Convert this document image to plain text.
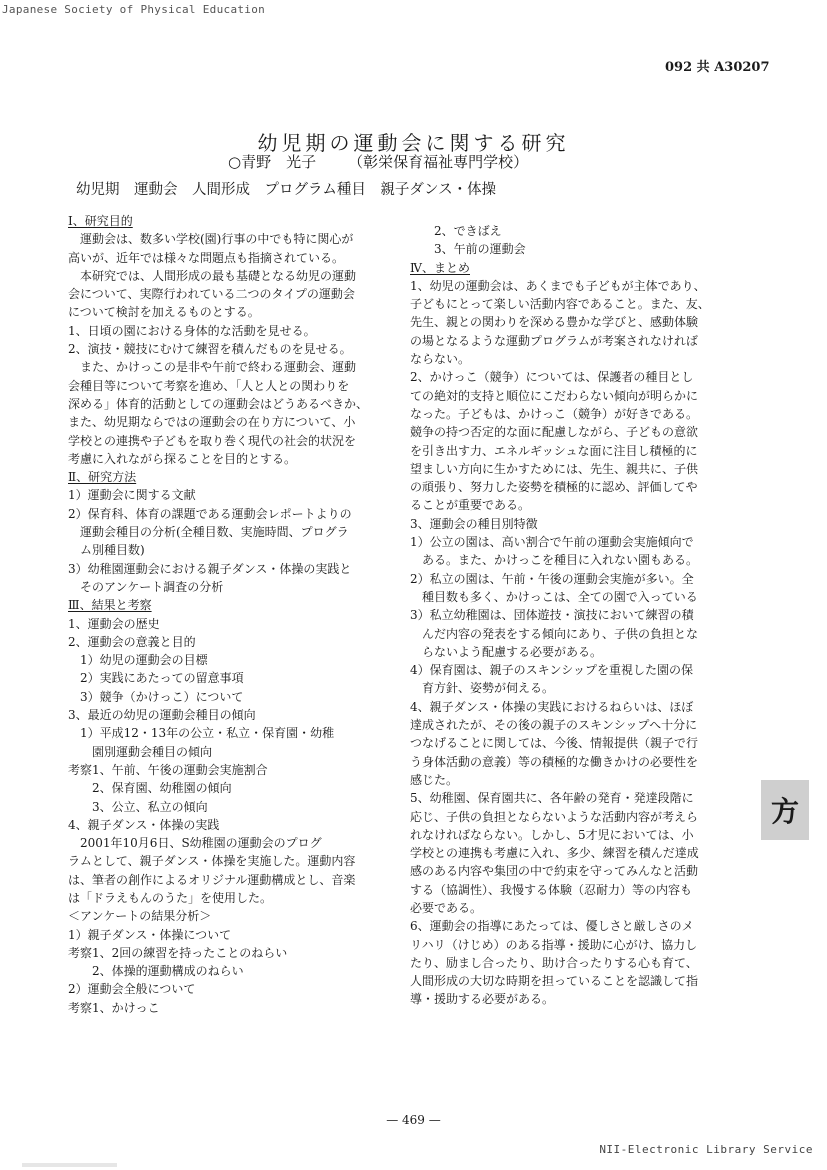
Japanese Society of Physical Education
092 共 A30207
幼児期の運動会に関する研究
○青野　光子 （彰栄保育福祉専門学校）
幼児期　運動会　人間形成　プログラム種目　親子ダンス・体操
Ⅰ、研究目的
　運動会は、数多い学校(園)行事の中でも特に関心が
高いが、近年では様々な問題点も指摘されている。
　本研究では、人間形成の最も基礎となる幼児の運動
会について、実際行われている二つのタイプの運動会
について検討を加えるものとする。
1、日頃の園における身体的な活動を見せる。
2、演技・競技にむけて練習を積んだものを見せる。
　また、かけっこの是非や午前で終わる運動会、運動
会種目等について考察を進め、「人と人との関わりを
深める」体育的活動としての運動会はどうあるべきか、
また、幼児期ならではの運動会の在り方について、小
学校との連携や子どもを取り巻く現代の社会的状況を
考慮に入れながら探ることを目的とする。
Ⅱ、研究方法
1）運動会に関する文献
2）保育科、体育の課題である運動会レポートよりの
　運動会種目の分析(全種目数、実施時間、プログラ
　ム別種目数)
3）幼稚園運動会における親子ダンス・体操の実践と
　そのアンケート調査の分析
Ⅲ、結果と考察
1、運動会の歴史
2、運動会の意義と目的
　1）幼児の運動会の目標
　2）実践にあたっての留意事項
　3）競争（かけっこ）について
3、最近の幼児の運動会種目の傾向
　1）平成12・13年の公立・私立・保育園・幼稚
　　園別運動会種目の傾向
考察1、午前、午後の運動会実施割合
　　2、保育園、幼稚園の傾向
　　3、公立、私立の傾向
4、親子ダンス・体操の実践
　2001年10月6日、S幼稚園の運動会のプログ
ラムとして、親子ダンス・体操を実施した。運動内容
は、筆者の創作によるオリジナル運動構成とし、音楽
は「ドラえもんのうた」を使用した。
＜アンケートの結果分析＞
1）親子ダンス・体操について
考察1、2回の練習を持ったことのねらい
　　2、体操的運動構成のねらい
2）運動会全般について
考察1、かけっこ
　　2、できばえ
　　3、午前の運動会
Ⅳ、まとめ
1、幼児の運動会は、あくまでも子どもが主体であり、
子どもにとって楽しい活動内容であること。また、友、
先生、親との関わりを深める豊かな学びと、感動体験
の場となるような運動プログラムが考案されなければ
ならない。
2、かけっこ（競争）については、保護者の種目とし
ての絶対的支持と順位にこだわらない傾向が明らかに
なった。子どもは、かけっこ（競争）が好きである。
競争の持つ否定的な面に配慮しながら、子どもの意欲
を引き出す力、エネルギッシュな面に注目し積極的に
望ましい方向に生かすためには、先生、親共に、子供
の頑張り、努力した姿勢を積極的に認め、評価してや
ることが重要である。
3、運動会の種目別特徴
1）公立の園は、高い割合で午前の運動会実施傾向で
　ある。また、かけっこを種目に入れない園もある。
2）私立の園は、午前・午後の運動会実施が多い。全
　種目数も多く、かけっこは、全ての園で入っている
3）私立幼稚園は、団体遊技・演技において練習の積
　んだ内容の発表をする傾向にあり、子供の負担とな
　らないよう配慮する必要がある。
4）保育園は、親子のスキンシップを重視した園の保
　育方針、姿勢が伺える。
4、親子ダンス・体操の実践におけるねらいは、ほぼ
達成されたが、その後の親子のスキンシップへ十分に
つなげることに関しては、今後、情報提供（親子で行
う身体活動の意義）等の積極的な働きかけの必要性を
感じた。
5、幼稚園、保育園共に、各年齢の発育・発達段階に
応じ、子供の負担とならないような活動内容が考えら
れなければならない。しかし、5才児においては、小
学校との連携も考慮に入れ、多少、練習を積んだ達成
感のある内容や集団の中で約束を守ってみんなと活動
する（協調性）、我慢する体験（忍耐力）等の内容も
必要である。
6、運動会の指導にあたっては、優しさと厳しさのメ
リハリ（けじめ）のある指導・援助に心がけ、協力し
たり、励まし合ったり、助け合ったりする心も育て、
人間形成の大切な時期を担っていることを認識して指
導・援助する必要がある。
方
— 469 —
NII-Electronic Library Service
